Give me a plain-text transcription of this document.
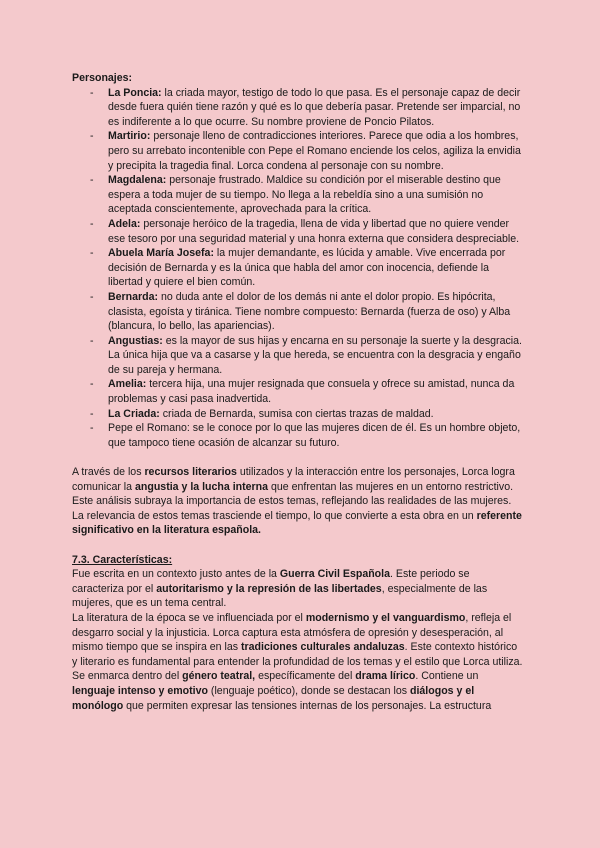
Personajes:

- La Poncia: la criada mayor, testigo de todo lo que pasa. Es el personaje capaz de decir desde fuera quién tiene razón y qué es lo que debería pasar. Pretende ser imparcial, no es indiferente a lo que ocurre. Su nombre proviene de Poncio Pilatos.
- Martirio: personaje lleno de contradicciones interiores. Parece que odia a los hombres, pero su arrebato incontenible con Pepe el Romano enciende los celos, agiliza la envidia y precipita la tragedia final. Lorca condena al personaje con su nombre.
- Magdalena: personaje frustrado. Maldice su condición por el miserable destino que espera a toda mujer de su tiempo. No llega a la rebeldía sino a una sumisión no aceptada conscientemente, aprovechada para la crítica.
- Adela: personaje heróico de la tragedia, llena de vida y libertad que no quiere vender ese tesoro por una seguridad material y una honra externa que considera despreciable.
- Abuela María Josefa: la mujer demandante, es lúcida y amable. Vive encerrada por decisión de Bernarda y es la única que habla del amor con inocencia, defiende la libertad y quiere el bien común.
- Bernarda: no duda ante el dolor de los demás ni ante el dolor propio. Es hipócrita, clasista, egoísta y tiránica. Tiene nombre compuesto: Bernarda (fuerza de oso) y Alba (blancura, lo bello, las apariencias).
- Angustias: es la mayor de sus hijas y encarna en su personaje la suerte y la desgracia. La única hija que va a casarse y la que hereda, se encuentra con la desgracia y engaño de su pareja y hermana.
- Amelia: tercera hija, una mujer resignada que consuela y ofrece su amistad, nunca da problemas y casi pasa inadvertida.
- La Criada: criada de Bernarda, sumisa con ciertas trazas de maldad.
- Pepe el Romano: se le conoce por lo que las mujeres dicen de él. Es un hombre objeto, que tampoco tiene ocasión de alcanzar su futuro.

A través de los recursos literarios utilizados y la interacción entre los personajes, Lorca logra comunicar la angustia y la lucha interna que enfrentan las mujeres en un entorno restrictivo. Este análisis subraya la importancia de estos temas, reflejando las realidades de las mujeres. La relevancia de estos temas trasciende el tiempo, lo que convierte a esta obra en un referente significativo en la literatura española.

7.3. Características:

Fue escrita en un contexto justo antes de la Guerra Civil Española. Este periodo se caracteriza por el autoritarismo y la represión de las libertades, especialmente de las mujeres, que es un tema central.

La literatura de la época se ve influenciada por el modernismo y el vanguardismo, refleja el desgarro social y la injusticia. Lorca captura esta atmósfera de opresión y desesperación, al mismo tiempo que se inspira en las tradiciones culturales andaluzas. Este contexto histórico y literario es fundamental para entender la profundidad de los temas y el estilo que Lorca utiliza.

Se enmarca dentro del género teatral, específicamente del drama lírico. Contiene un lenguaje intenso y emotivo (lenguaje poético), donde se destacan los diálogos y el monólogo que permiten expresar las tensiones internas de los personajes. La estructura
